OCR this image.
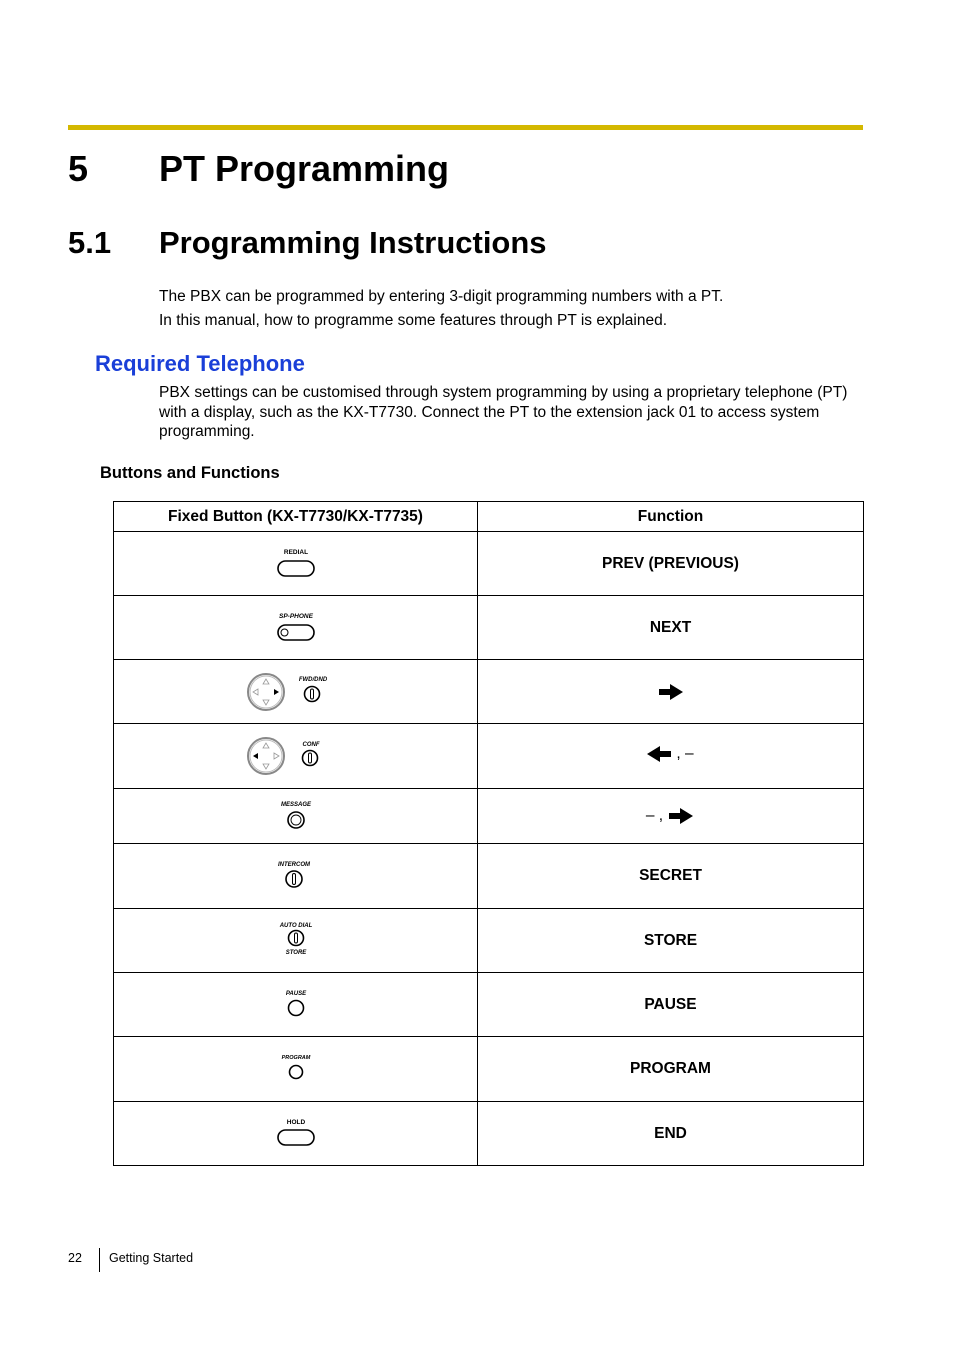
5 PT Programming
5.1 Programming Instructions
The PBX can be programmed by entering 3-digit programming numbers with a PT.
In this manual, how to programme some features through PT is explained.
Required Telephone
PBX settings can be customised through system programming by using a proprietary telephone (PT) with a display, such as the KX-T7730. Connect the PT to the extension jack 01 to access system programming.
Buttons and Functions
Fixed Button (KX-T7730/KX-T7735)	Function

REDIAL	PREV (PREVIOUS)

SP-PHONE	NEXT

FWD/DND

CONF	, –

MESSAGE	– ,

INTERCOM	SECRET

AUTO DIAL
STORE	STORE

PAUSE	PAUSE

PROGRAM	PROGRAM

HOLD	END
22 Getting Started
